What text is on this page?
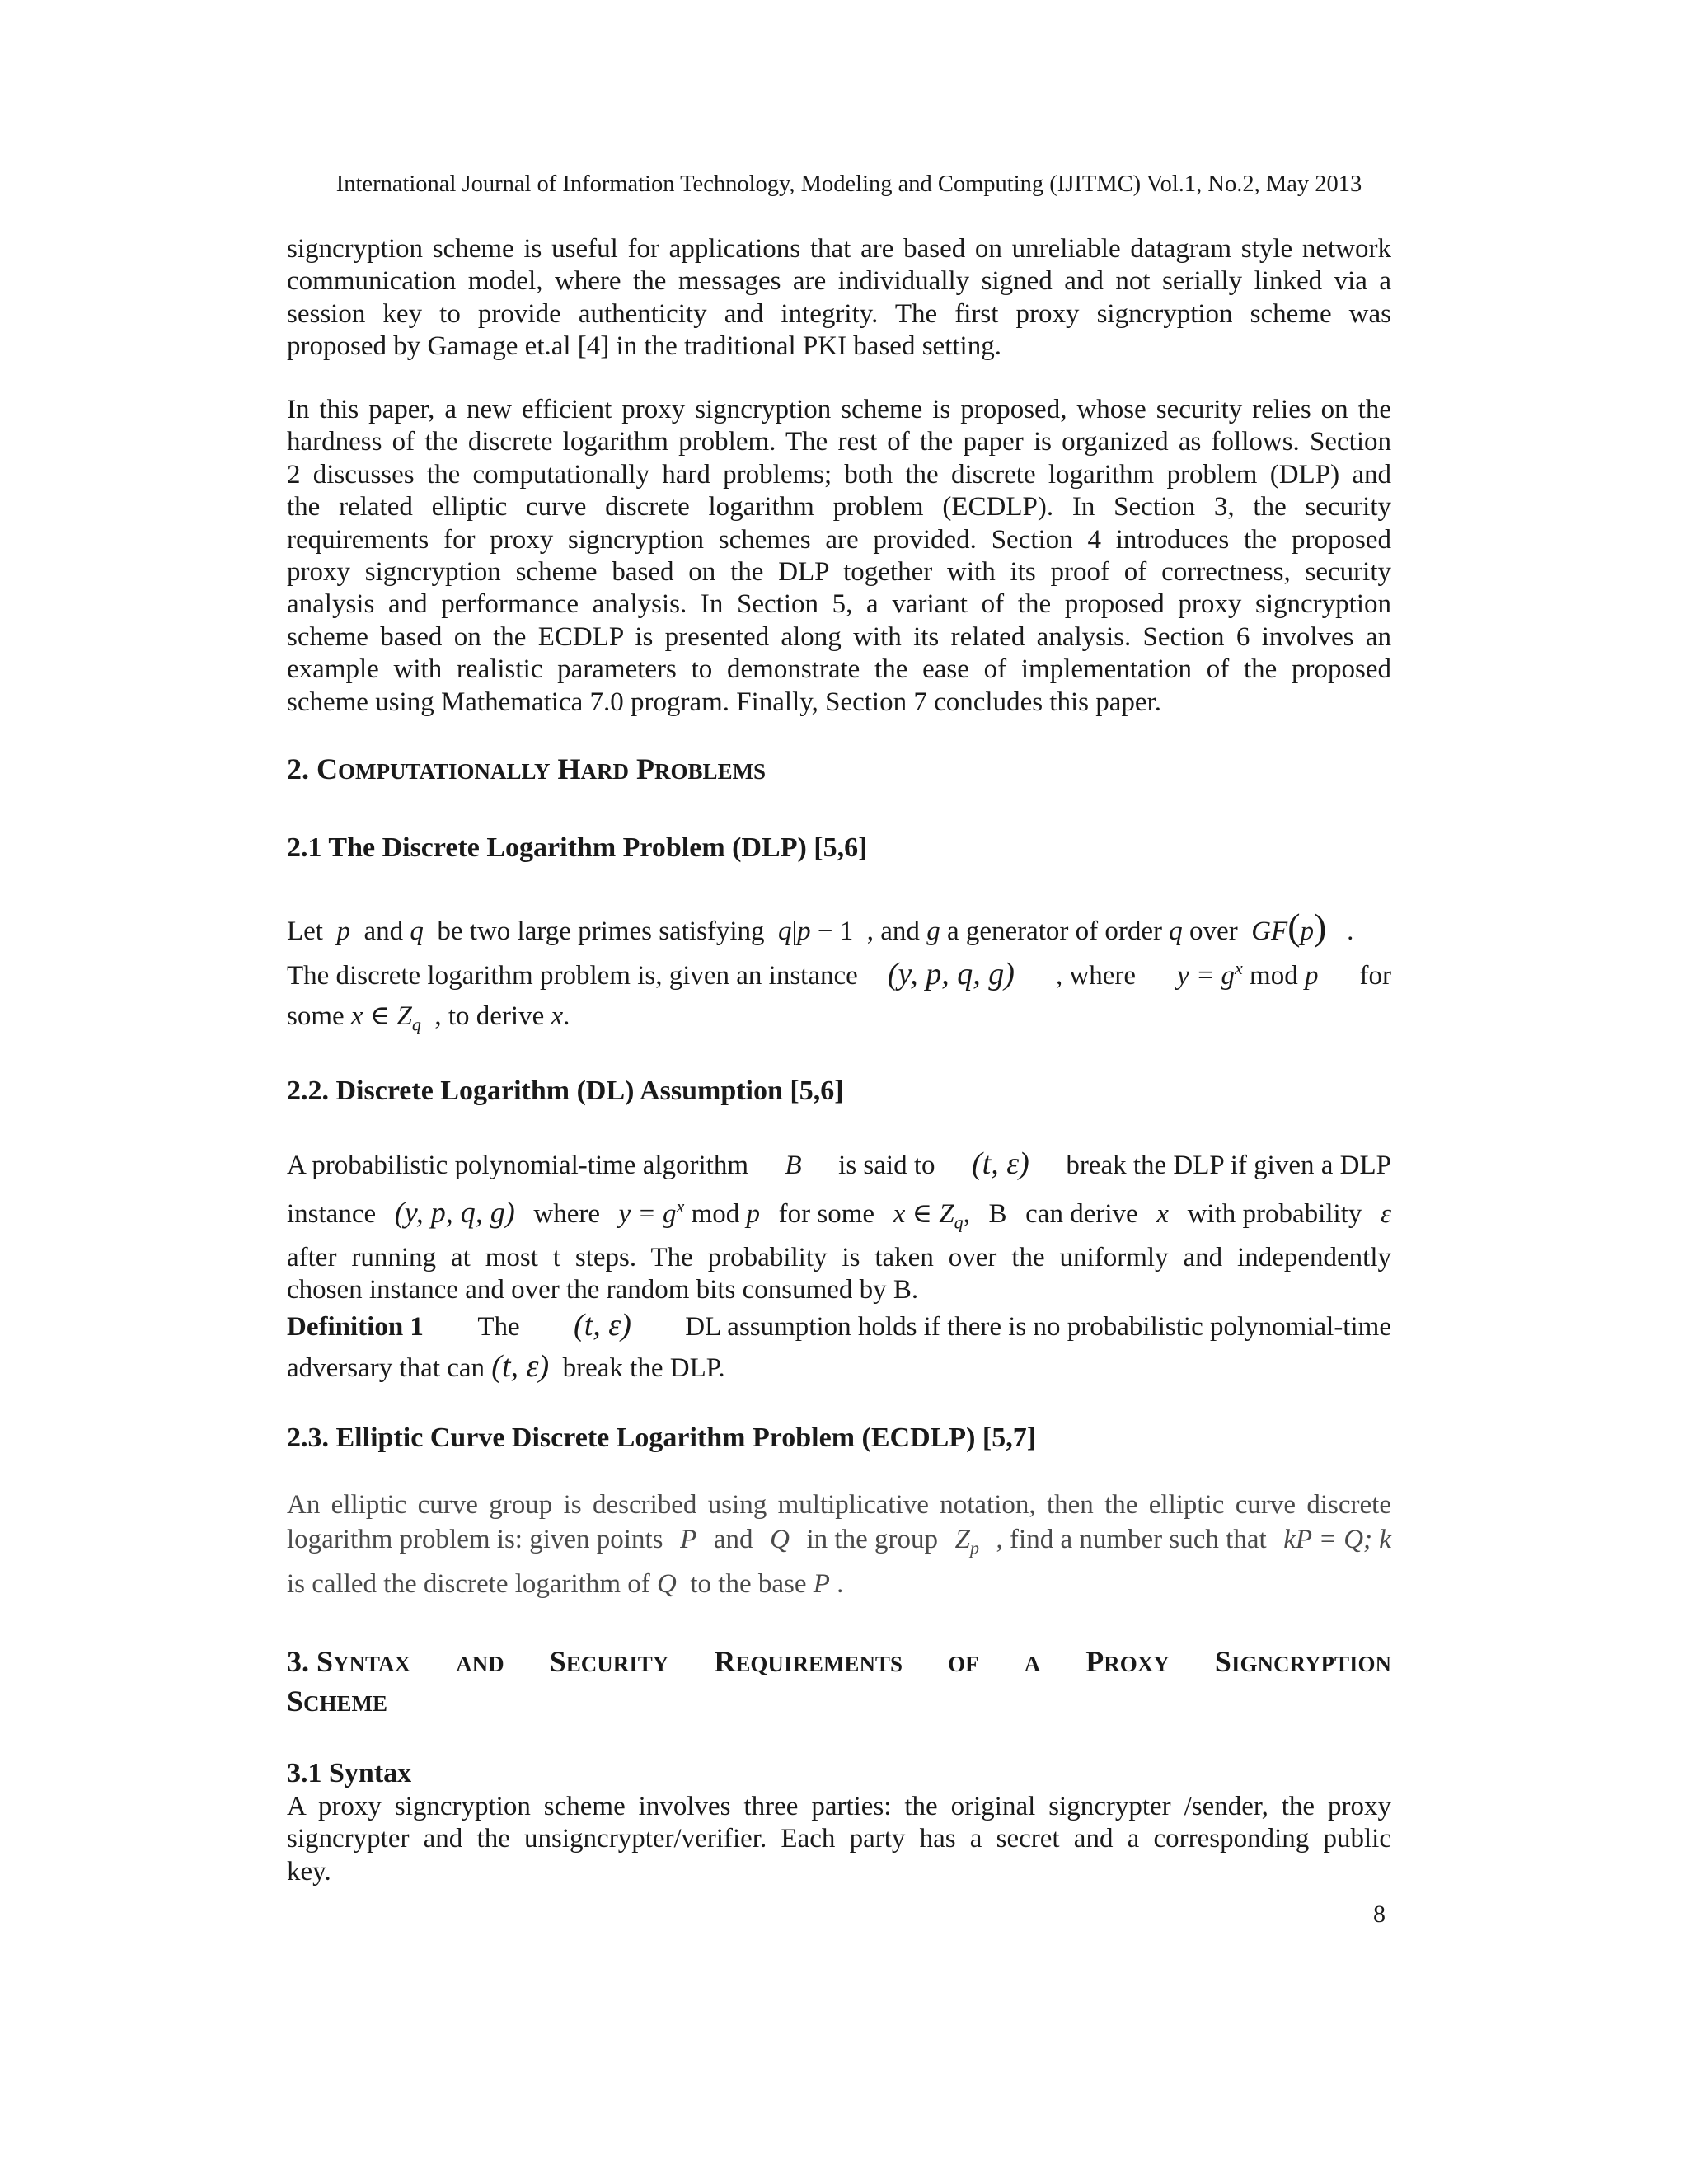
International Journal of Information Technology, Modeling and Computing (IJITMC) Vol.1, No.2, May 2013
signcryption scheme is useful for applications that are based on unreliable datagram style network
communication model, where the messages are individually signed and not serially linked via a
session key to provide authenticity and integrity. The first proxy signcryption scheme was
proposed by Gamage et.al [4] in the traditional PKI based setting.
In this paper, a new efficient proxy signcryption scheme is proposed, whose security relies on the
hardness of the discrete logarithm problem. The rest of the paper is organized as follows. Section
2 discusses the computationally hard problems; both the discrete logarithm problem (DLP) and
the related elliptic curve discrete logarithm problem (ECDLP). In Section 3, the security
requirements for proxy signcryption schemes are provided. Section 4 introduces the proposed
proxy signcryption scheme based on the DLP together with its proof of correctness, security
analysis and performance analysis. In Section 5, a variant of the proposed proxy signcryption
scheme based on the ECDLP is presented along with its related analysis. Section 6 involves an
example with realistic parameters to demonstrate the ease of implementation of the proposed
scheme using Mathematica 7.0 program. Finally, Section 7 concludes this paper.
2. COMPUTATIONALLY HARD PROBLEMS
2.1 The Discrete Logarithm Problem (DLP) [5,6]
Let p and q be two large primes satisfying q|p − 1 , and g a generator of order q over GF(p) .
The discrete logarithm problem is, given an instance (y, p, q, g) , where $y = g^x$ mod p for
some x ∈ $Z_q$ , to derive x.
2.2. Discrete Logarithm (DL) Assumption [5,6]
A probabilistic polynomial-time algorithm B is said to (t, ε) break the DLP if given a DLP
instance (y, p, q, g) where $y = g^x$ mod p for some x ∈ $Z_q$, B can derive x with probability ε
after running at most t steps. The probability is taken over the uniformly and independently
chosen instance and over the random bits consumed by B.
Definition 1 The (t, ε) DL assumption holds if there is no probabilistic polynomial-time
adversary that can (t, ε) break the DLP.
2.3. Elliptic Curve Discrete Logarithm Problem (ECDLP) [5,7]
An elliptic curve group is described using multiplicative notation, then the elliptic curve discrete
logarithm problem is: given points P and Q in the group $Z_p$ , find a number such that kP = Q; k
is called the discrete logarithm of Q to the base P .
3. SYNTAX AND SECURITY REQUIREMENTS OF A PROXY SIGNCRYPTION
SCHEME
3.1 Syntax
A proxy signcryption scheme involves three parties: the original signcrypter /sender, the proxy
signcrypter and the unsigncrypter/verifier. Each party has a secret and a corresponding public
key.
8
